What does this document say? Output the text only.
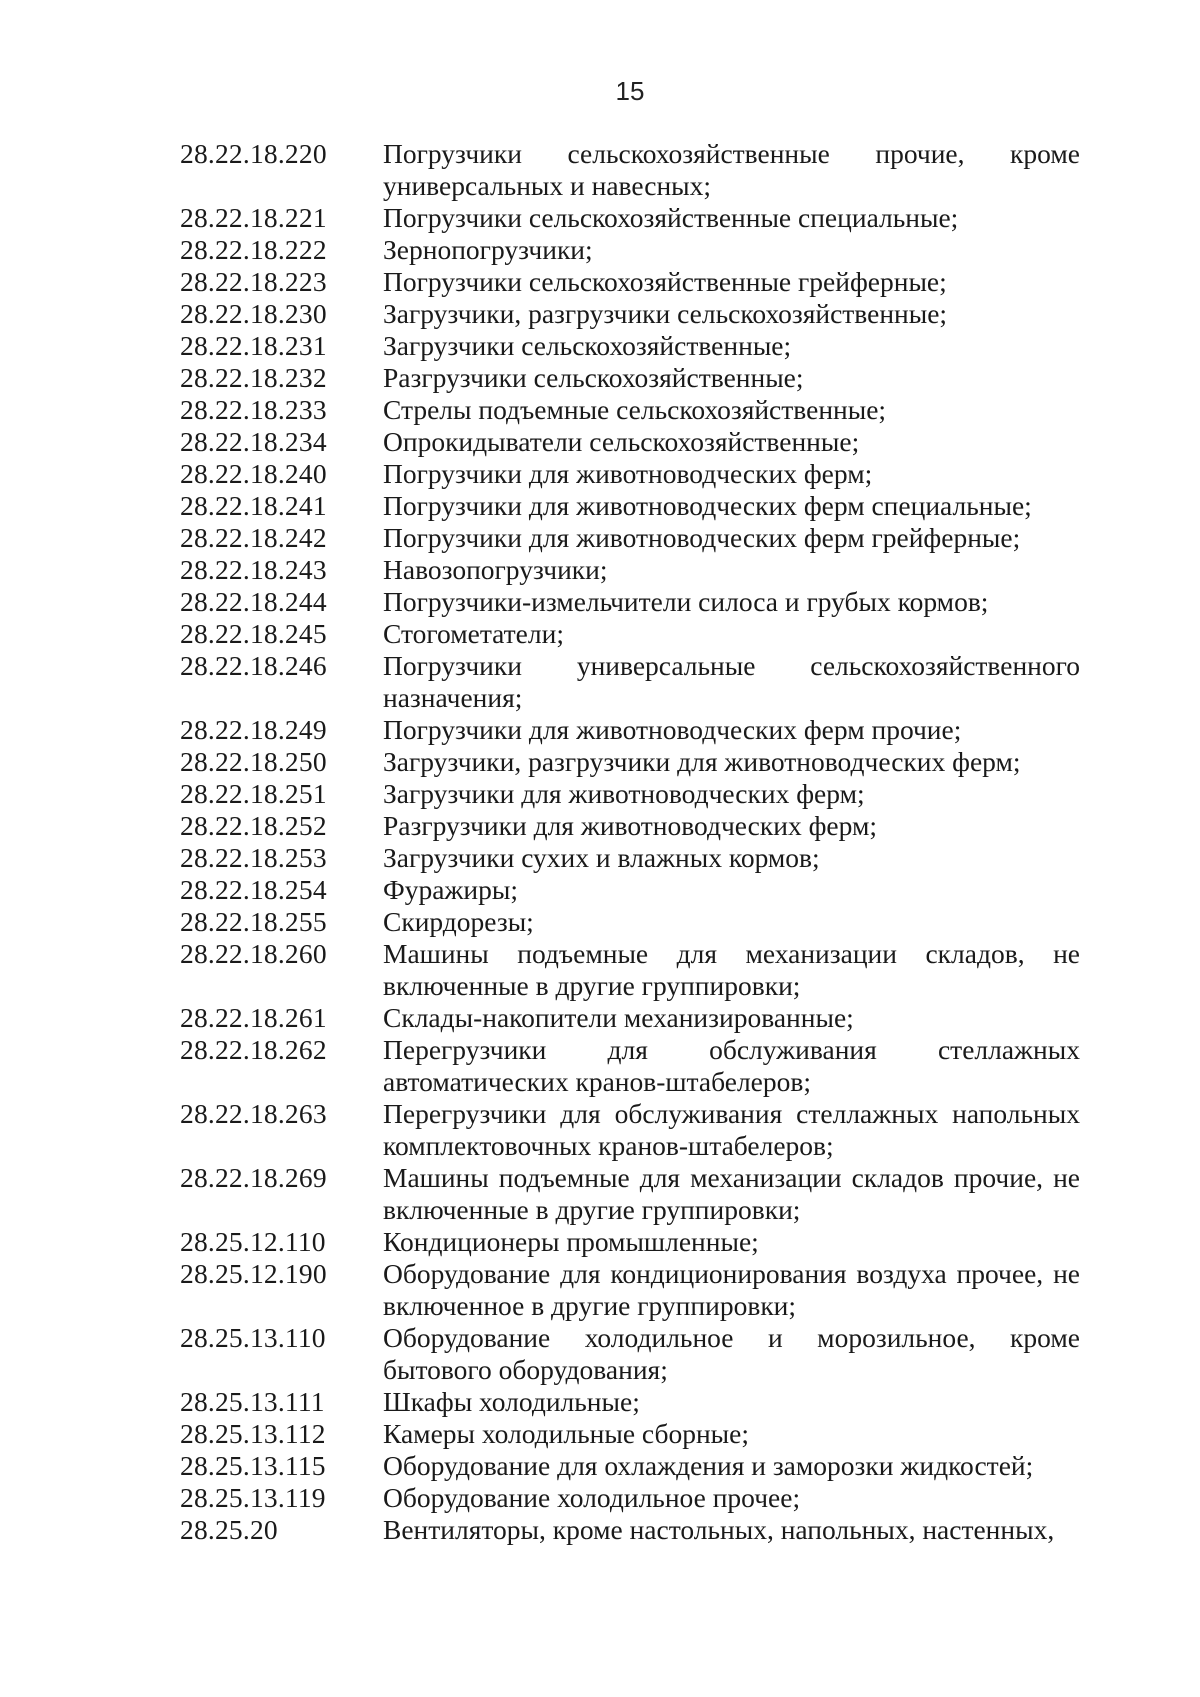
15
28.22.18.220	Погрузчики сельскохозяйственные прочие, кроме универсальных и навесных;
28.22.18.221	Погрузчики сельскохозяйственные специальные;
28.22.18.222	Зернопогрузчики;
28.22.18.223	Погрузчики сельскохозяйственные грейферные;
28.22.18.230	Загрузчики, разгрузчики сельскохозяйственные;
28.22.18.231	Загрузчики сельскохозяйственные;
28.22.18.232	Разгрузчики сельскохозяйственные;
28.22.18.233	Стрелы подъемные сельскохозяйственные;
28.22.18.234	Опрокидыватели сельскохозяйственные;
28.22.18.240	Погрузчики для животноводческих ферм;
28.22.18.241	Погрузчики для животноводческих ферм специальные;
28.22.18.242	Погрузчики для животноводческих ферм грейферные;
28.22.18.243	Навозопогрузчики;
28.22.18.244	Погрузчики-измельчители силоса и грубых кормов;
28.22.18.245	Стогометатели;
28.22.18.246	Погрузчики универсальные сельскохозяйственного назначения;
28.22.18.249	Погрузчики для животноводческих ферм прочие;
28.22.18.250	Загрузчики, разгрузчики для животноводческих ферм;
28.22.18.251	Загрузчики для животноводческих ферм;
28.22.18.252	Разгрузчики для животноводческих ферм;
28.22.18.253	Загрузчики сухих и влажных кормов;
28.22.18.254	Фуражиры;
28.22.18.255	Скирдорезы;
28.22.18.260	Машины подъемные для механизации складов, не включенные в другие группировки;
28.22.18.261	Склады-накопители механизированные;
28.22.18.262	Перегрузчики для обслуживания стеллажных автоматических кранов-штабелеров;
28.22.18.263	Перегрузчики для обслуживания стеллажных напольных комплектовочных кранов-штабелеров;
28.22.18.269	Машины подъемные для механизации складов прочие, не включенные в другие группировки;
28.25.12.110	Кондиционеры промышленные;
28.25.12.190	Оборудование для кондиционирования воздуха прочее, не включенное в другие группировки;
28.25.13.110	Оборудование холодильное и морозильное, кроме бытового оборудования;
28.25.13.111	Шкафы холодильные;
28.25.13.112	Камеры холодильные сборные;
28.25.13.115	Оборудование для охлаждения и заморозки жидкостей;
28.25.13.119	Оборудование холодильное прочее;
28.25.20	Вентиляторы, кроме настольных, напольных, настенных,
